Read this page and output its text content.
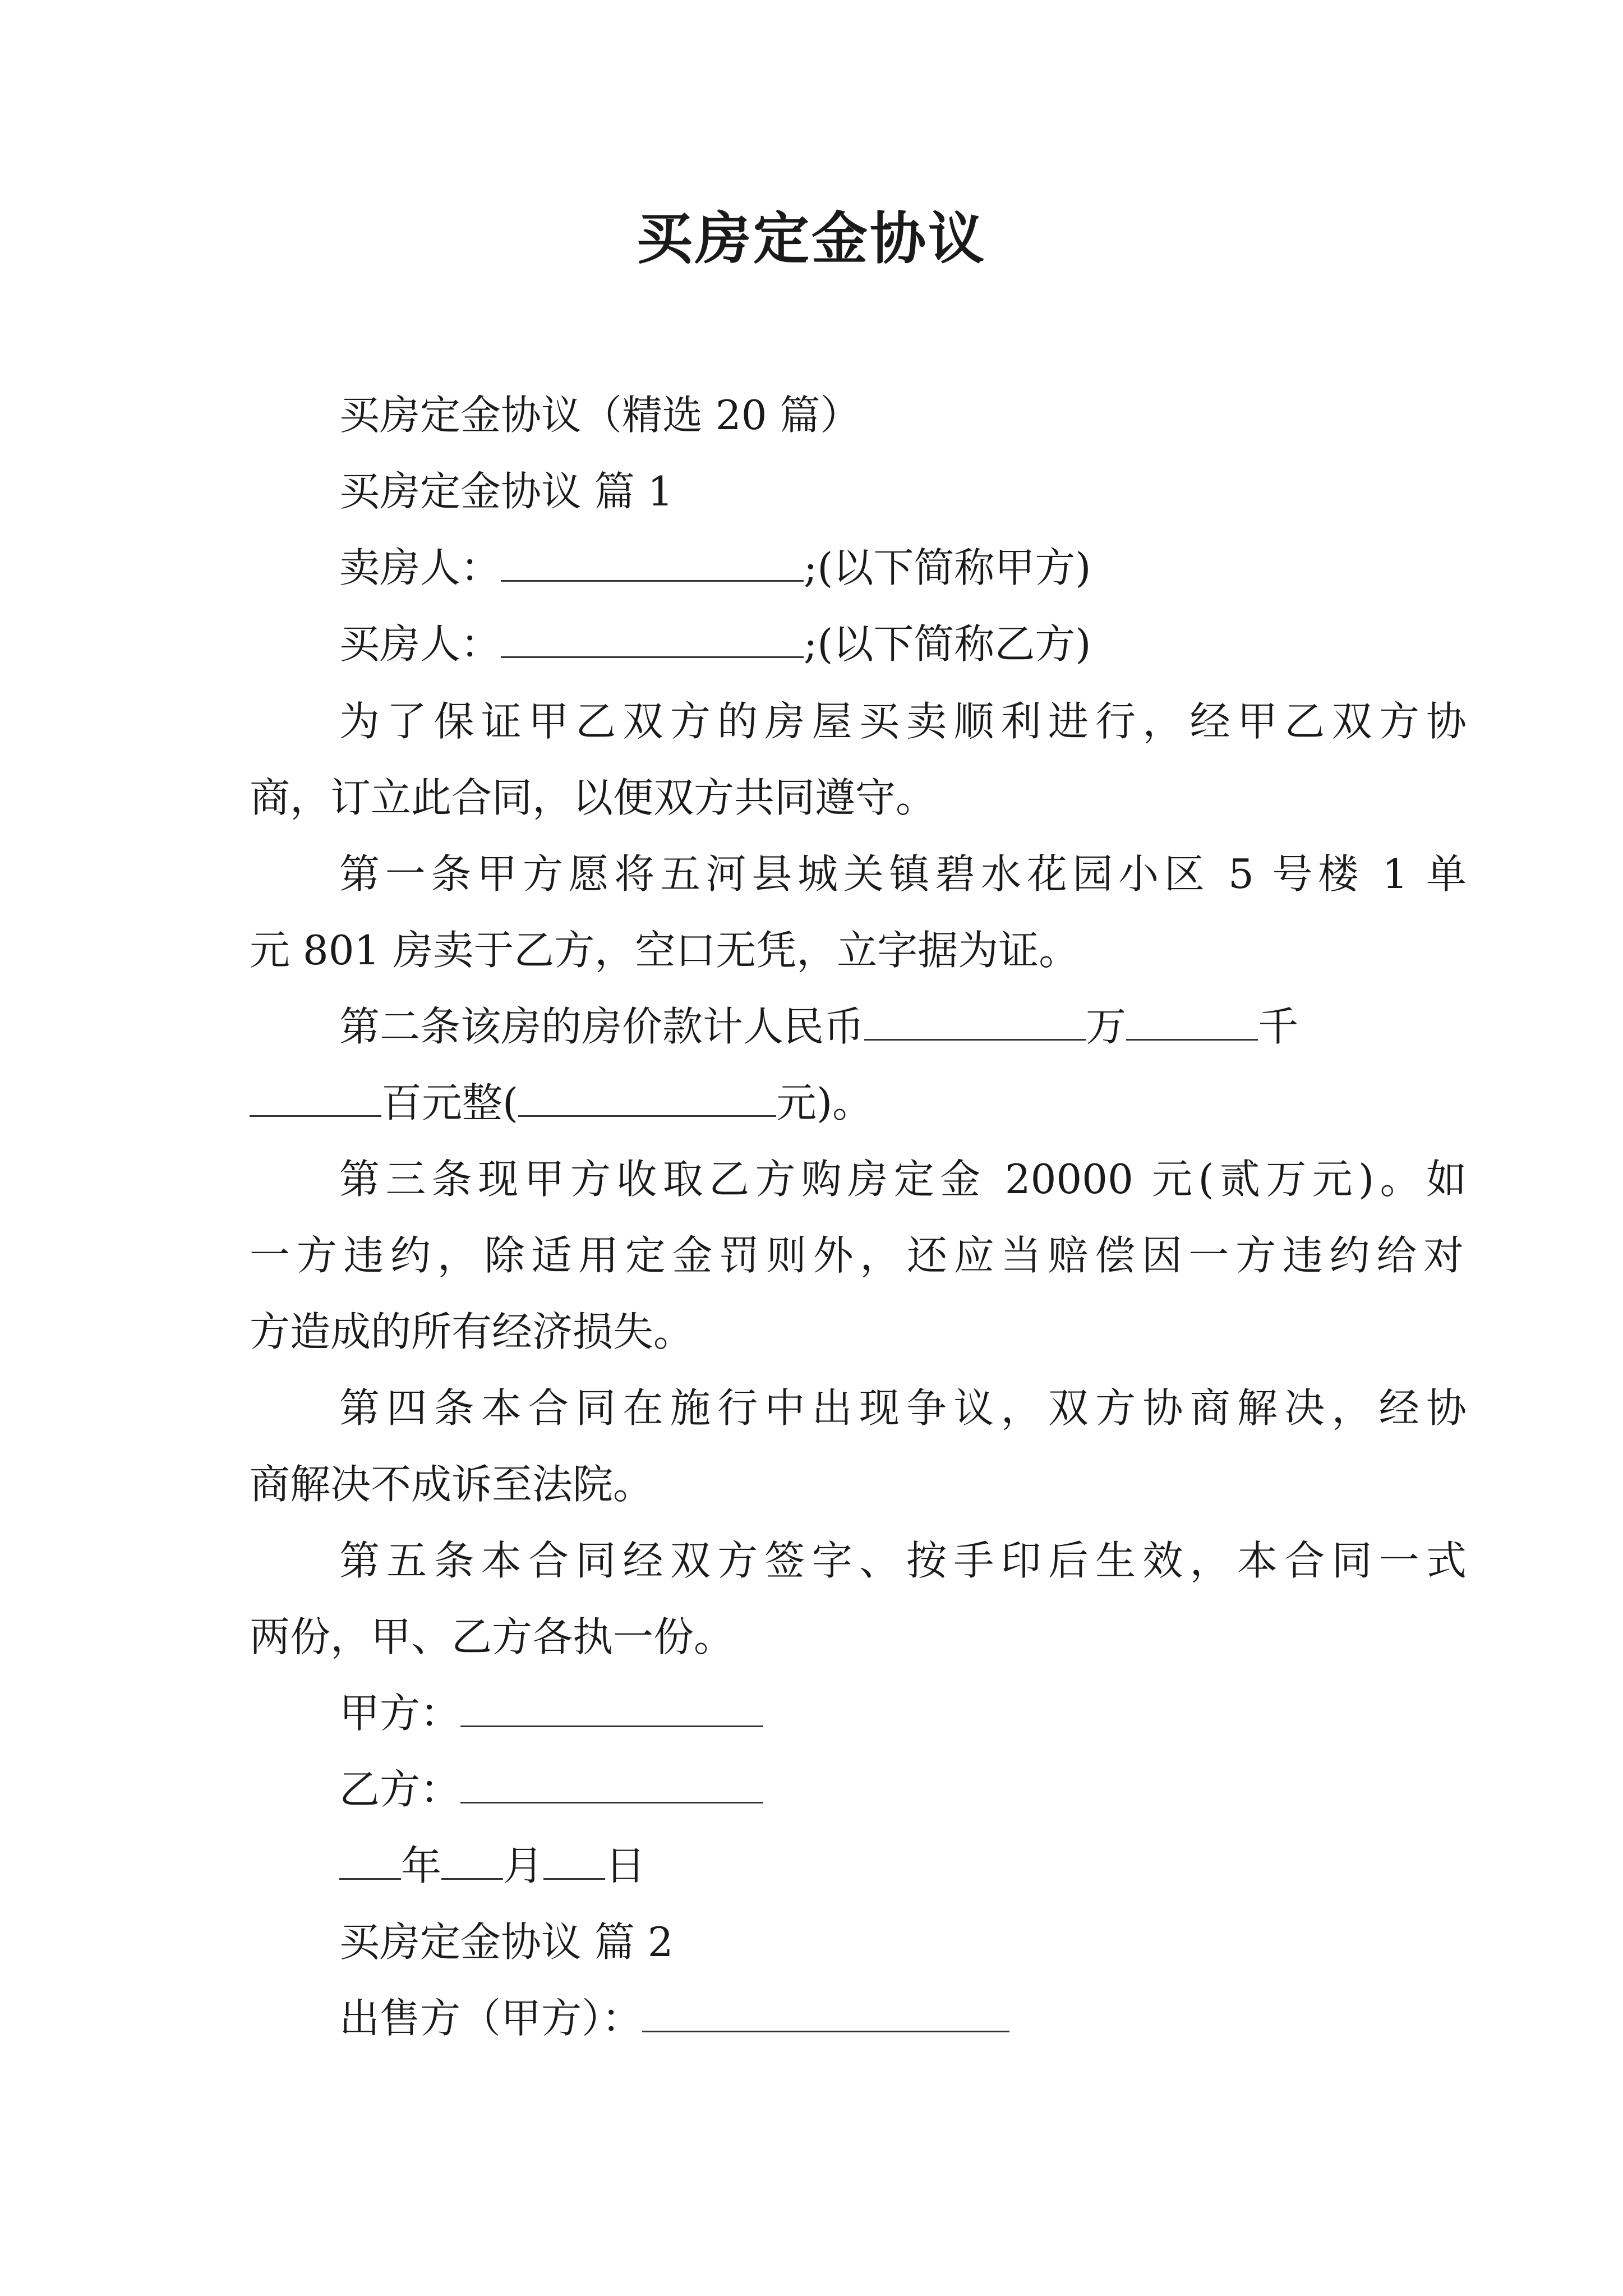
买房定金协议
买房定金协议（精选 20 篇）
买房定金协议 篇 1
卖房人：	;(以下简称甲方)
买房人：	;(以下简称乙方)
为了保证甲乙双方的房屋买卖顺利进行，经甲乙双方协
商，订立此合同，以便双方共同遵守。
第一条甲方愿将五河县城关镇碧水花园小区 5 号楼 1 单
元 801 房卖于乙方，空口无凭，立字据为证。
第二条该房的房价款计人民币	万	千
百元整(	元)。
第三条现甲方收取乙方购房定金 20000 元(贰万元)。如
一方违约，除适用定金罚则外，还应当赔偿因一方违约给对
方造成的所有经济损失。
第四条本合同在施行中出现争议，双方协商解决，经协
商解决不成诉至法院。
第五条本合同经双方签字、按手印后生效，本合同一式
两份，甲、乙方各执一份。
甲方：
乙方：
年 月 日
买房定金协议 篇 2
出售方（甲方）：
